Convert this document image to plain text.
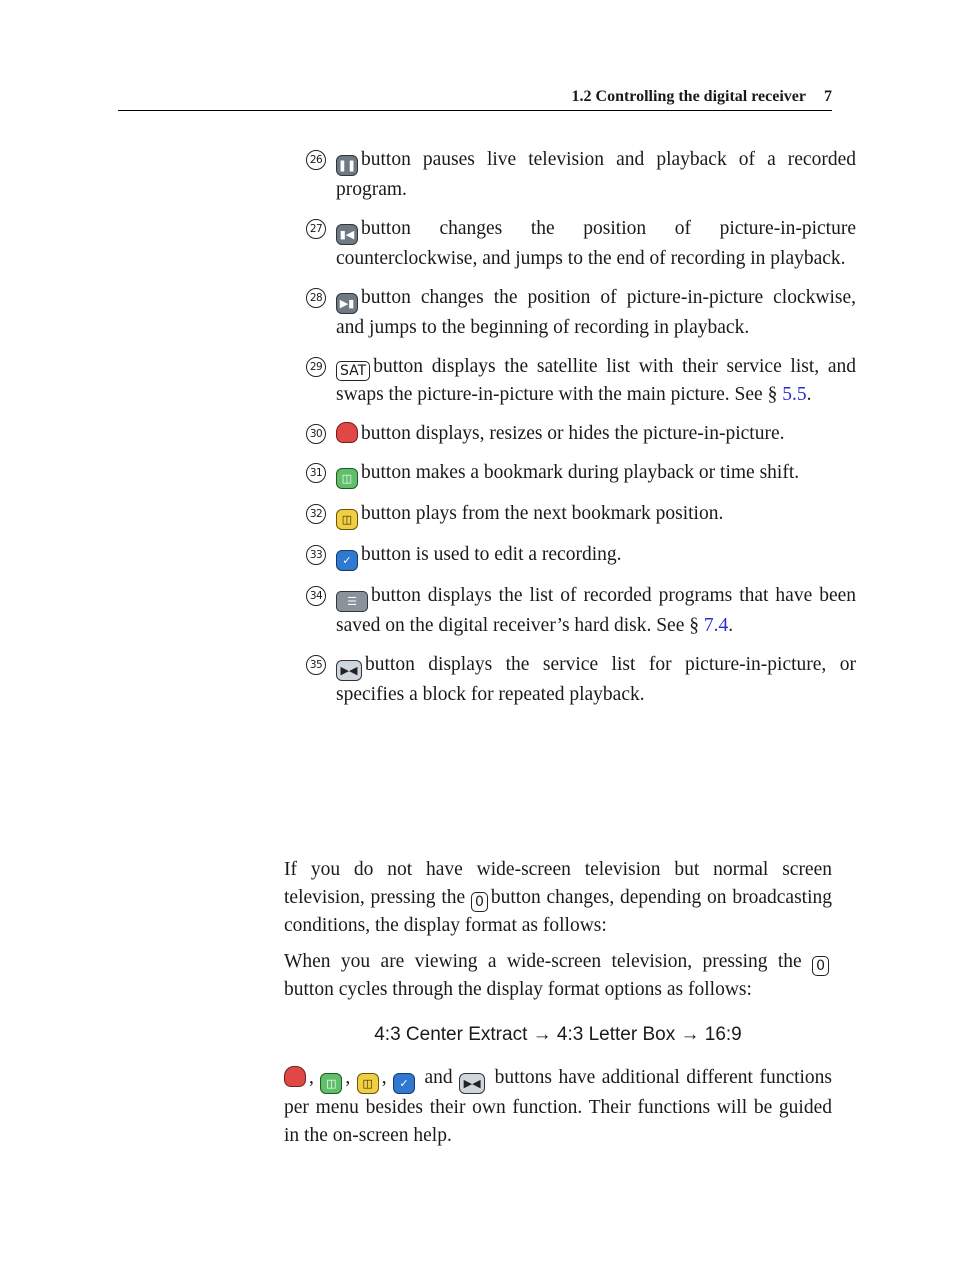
1.2 Controlling the digital receiver 7
26	❚❚ button pauses live television and playback of a recorded program.
27	▮◀ button changes the position of picture-in-picture counterclockwise, and jumps to the end of recording in playback.
28	▶▮ button changes the position of picture-in-picture clockwise, and jumps to the beginning of recording in playback.
29 SAT button displays the satellite list with their service list, and swaps the picture-in-picture with the main picture. See § 5.5.
30 button displays, resizes or hides the picture-in-picture.
31	◫ button makes a bookmark during playback or time shift.
32	◫ button plays from the next bookmark position.
33	✓ button is used to edit a recording.
34	☰ button displays the list of recorded programs that have been saved on the digital receiver’s hard disk. See § 7.4.
35	▶◀ button displays the service list for picture-in-picture, or specifies a block for repeated playback.

If you do not have wide-screen television but normal screen television, pressing the 0 button changes, depending on broadcasting conditions, the display format as follows:

When you are viewing a wide-screen television, pressing the 0button cycles through the display format options as follows:

4:3 Center Extract → 4:3 Letter Box → 16:9

, ◫ , ◫ , ✓ and ▶◀ buttons have additional different functions per menu besides their own function. Their functions will be guided in the on-screen help.
